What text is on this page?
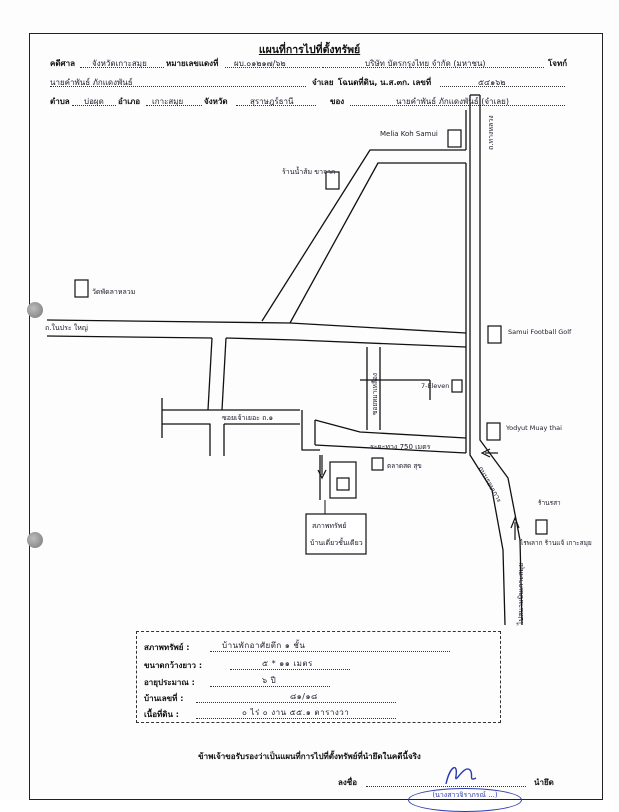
แผนที่การไปที่ตั้งทรัพย์
คดีศาล จังหวัดเกาะสมุย หมายเลขแดงที่ ผบ.๐๑๒๑๗/๖๒	บริษัท บัตรกรุงไทย จำกัด (มหาชน)	โจทก์
นายคำพันธ์ ภักแดงพันธ์	จำเลย โฉนดที่ดิน, น.ส.๓ก. เลขที่	๕๔๑๖๒
ตำบล บ่อผุด อำเภอ เกาะสมุย	จังหวัด	สุราษฎร์ธานี	ของ	นายคำพันธ์ ภักแดงพันธ์ (จำเลย)
Melia Koh Samui	ถ.ทางหลวง
ร้านน้ำส้ม ขาจาก
วัดพัดลาหลวม
ถ.ในประ ใหญ่	Samui Football Golf
7-Eleven
Yodyut Muay thai
ซอยหมาเหลือง
ซอยเจ้าเยอะ ถ.๑
ระยะทาง 750 เมตร
ตลาดสด สุข	ถนนรอบเกาะ	ร้านรสา
ไรพลาก ร้านแจ้ เกาะสมุย
ไปสนามบินเกาะสมุย
สภาพทรัพย์
บ้านเดี่ยวชั้นเดียว
สภาพทรัพย์ :	บ้านพักอาศัยตึก ๑ ชั้น
ขนาดกว้างยาว :	๕ * ๑๑ เมตร
อายุประมาณ :	๖ ปี
บ้านเลขที่ :	๘๑/๑๘
เนื้อที่ดิน :	๐ ไร่ ๐ งาน ๕๕.๑ ตารางวา
ข้าพเจ้าขอรับรองว่าเป็นแผนที่การไปที่ตั้งทรัพย์ที่นำยึดในคดีนี้จริง
ลงชื่อ	นำยึด
(นางสาวจิราภรณ์ ...)
